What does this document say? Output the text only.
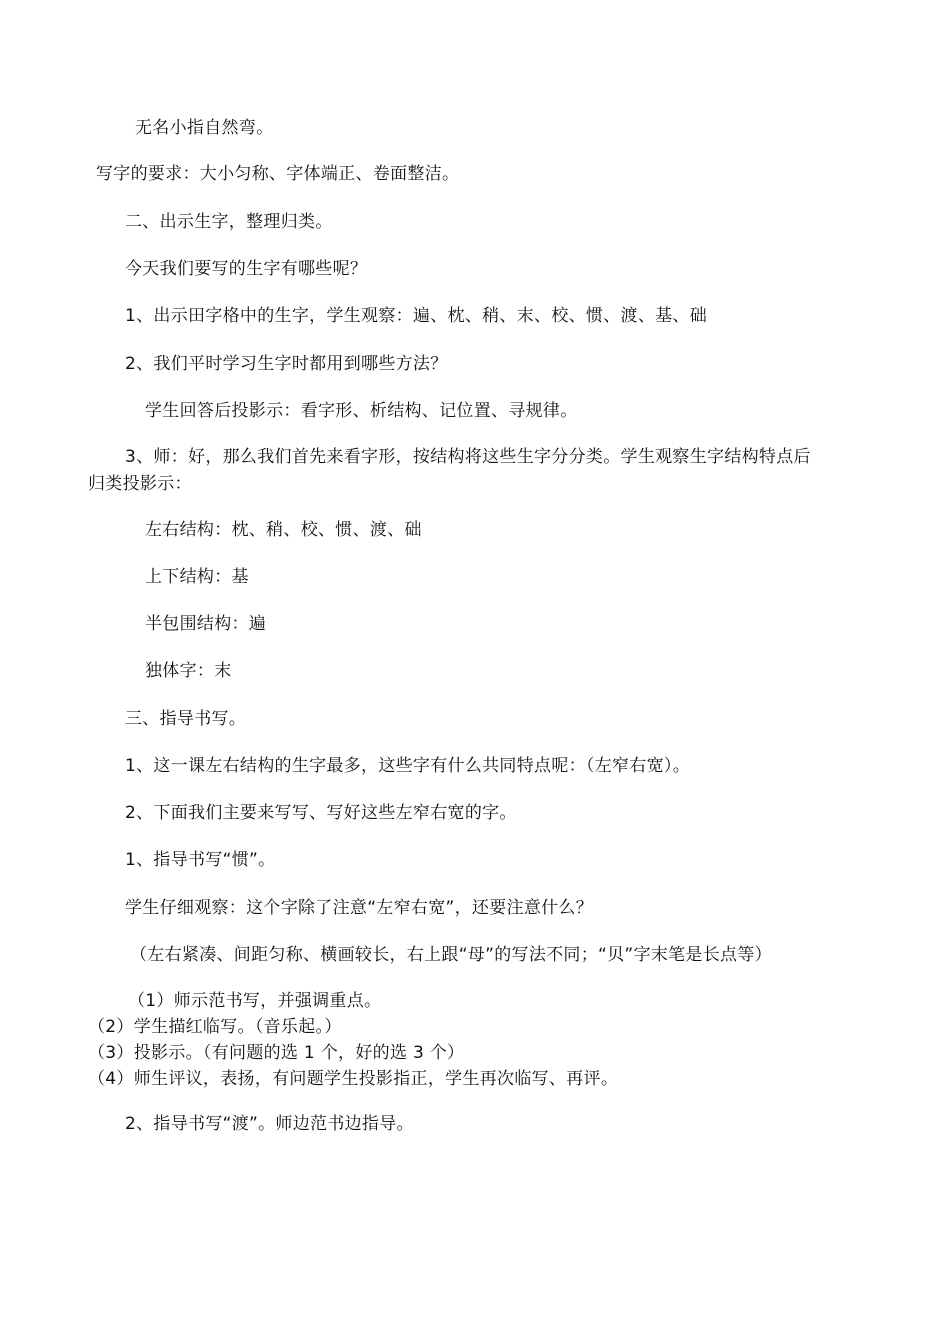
无名小指自然弯。
写字的要求：大小匀称、字体端正、卷面整洁。
二、出示生字，整理归类。
今天我们要写的生字有哪些呢？
1、出示田字格中的生字，学生观察：遍、枕、稍、末、校、惯、渡、基、础
2、我们平时学习生字时都用到哪些方法？
学生回答后投影示：看字形、析结构、记位置、寻规律。
3、师：好，那么我们首先来看字形，按结构将这些生字分分类。学生观察生字结构特点后归类投影示：
左右结构：枕、稍、校、惯、渡、础
上下结构：基
半包围结构：遍
独体字：末
三、指导书写。
1、这一课左右结构的生字最多，这些字有什么共同特点呢：（左窄右宽）。
2、下面我们主要来写写、写好这些左窄右宽的字。
1、指导书写“惯”。
学生仔细观察：这个字除了注意“左窄右宽”，还要注意什么？
（左右紧凑、间距匀称、横画较长，右上跟“母”的写法不同；“贝”字末笔是长点等）
（1）师示范书写，并强调重点。
（2）学生描红临写。（音乐起。）
（3）投影示。（有问题的选 1 个，好的选 3 个）
（4）师生评议，表扬，有问题学生投影指正，学生再次临写、再评。
2、指导书写“渡”。师边范书边指导。
